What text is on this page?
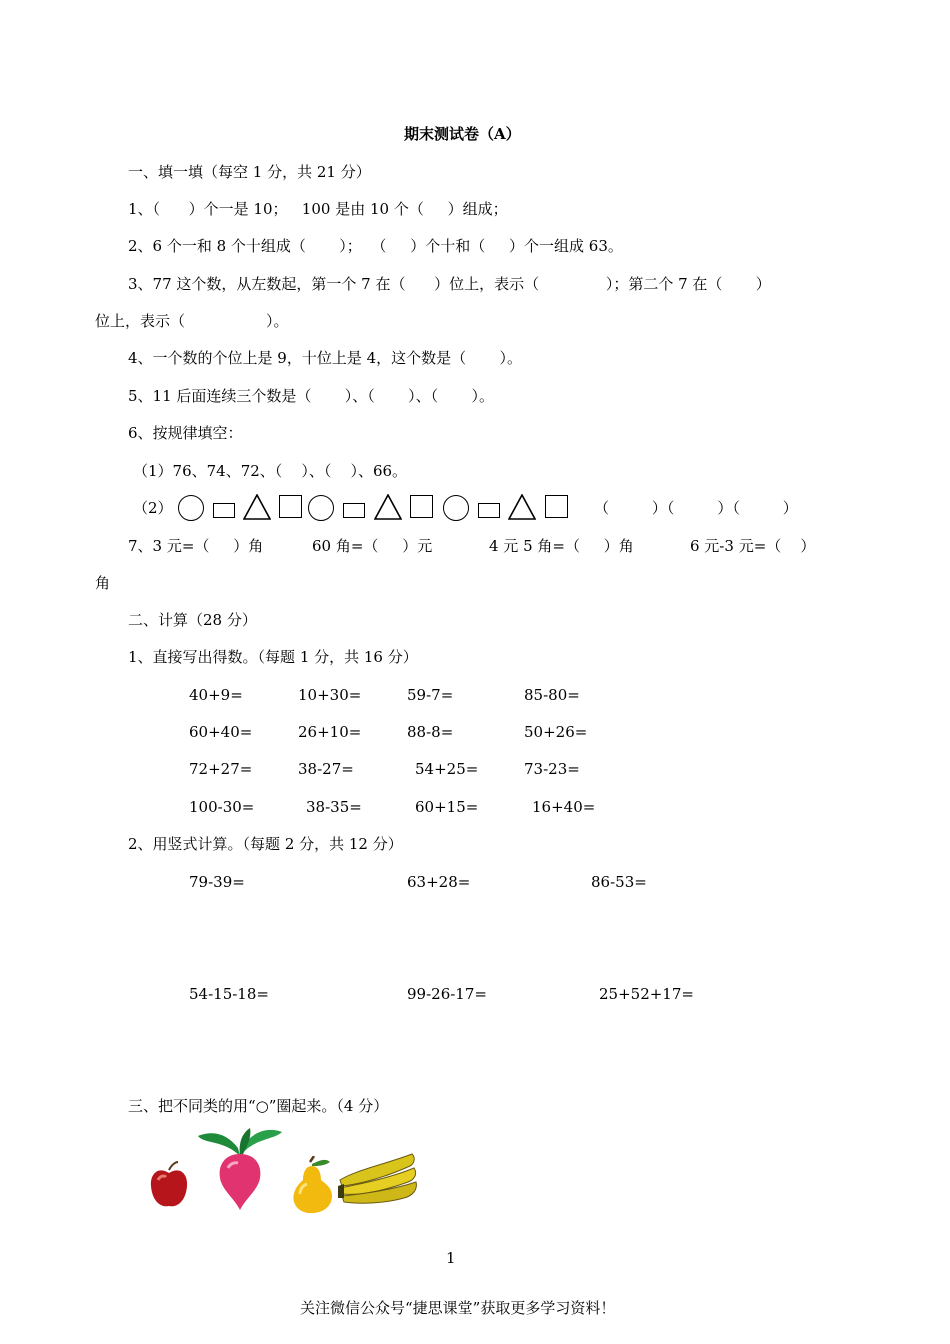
期末测试卷（A）
一、填一填（每空 1 分，共 21 分）
1、（      ）个一是 10；   100 是由 10 个（     ）组成；
2、6 个一和 8 个十组成（       ）；  （     ）个十和（     ）个一组成 63。
3、77 这个数，从左数起，第一个 7 在（      ）位上，表示（              ）；第二个 7 在（       ）
位上，表示（                 ）。
4、一个数的个位上是 9，十位上是 4，这个数是（       ）。
5、11 后面连续三个数是（       ）、（       ）、（       ）。
6、按规律填空：
（1）76、74、72、（    ）、（    ）、66。
（2）	（         ）（         ）（         ）
7、3 元=（     ）角	60 角=（     ）元	4 元 5 角=（     ）角	6 元-3 元=（    ）
角
二、计算（28 分）
1、直接写出得数。（每题 1 分，共 16 分）
40+9=	10+30=	59-7=	85-80=
60+40=	26+10=	88-8=	50+26=
72+27=	38-27=	54+25=	73-23=
100-30=	38-35=	60+15=	16+40=
2、用竖式计算。（每题 2 分，共 12 分）
79-39=	63+28=	86-53=
54-15-18=	99-26-17=	25+52+17=
三、把不同类的用“○”圈起来。（4 分）
1
关注微信公众号“捷思课堂”获取更多学习资料！
